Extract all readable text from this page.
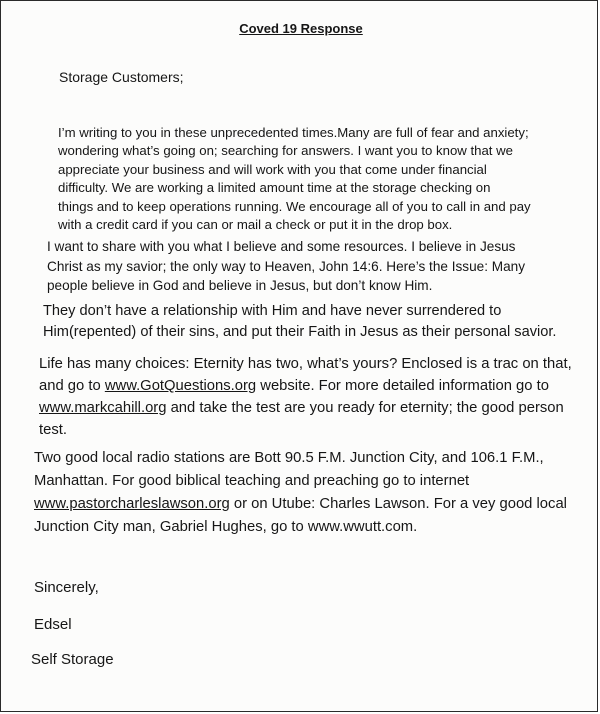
Coved 19 Response
Storage Customers;

I’m writing to you in these unprecedented times.Many are full of fear and anxiety;
wondering what’s going on; searching for answers. I want you to know that we
appreciate your business and will work with you that come under financial
difficulty. We are working a limited amount time at the storage checking on
things and to keep operations running. We encourage all of you to call in and pay
with a credit card if you can or mail a check or put it in the drop box.

I want to share with you what I believe and some resources. I believe in Jesus
Christ as my savior; the only way to Heaven, John 14:6. Here’s the Issue: Many
people believe in God and believe in Jesus, but don’t know Him.

They don’t have a relationship with Him and have never surrendered to
Him(repented) of their sins, and put their Faith in Jesus as their personal savior.

Life has many choices: Eternity has two, what’s yours? Enclosed is a trac on that,
and go to www.GotQuestions.org website. For more detailed information go to
www.markcahill.org and take the test are you ready for eternity; the good person
test.

Two good local radio stations are Bott 90.5 F.M. Junction City, and 106.1 F.M.,
Manhattan. For good biblical teaching and preaching go to internet
www.pastorcharleslawson.org or on Utube: Charles Lawson. For a vey good local
Junction City man, Gabriel Hughes, go to www.wwutt.com.

Sincerely,
Edsel
Self Storage
